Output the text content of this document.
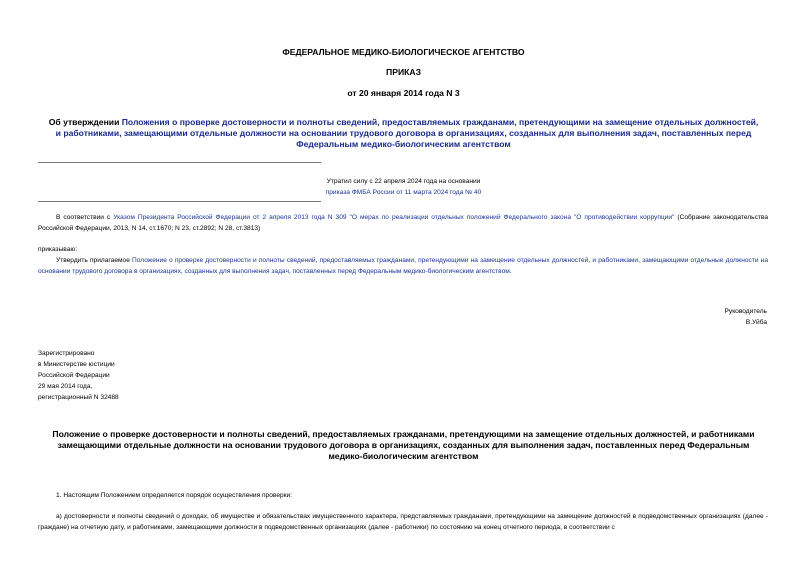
ФЕДЕРАЛЬНОЕ МЕДИКО-БИОЛОГИЧЕСКОЕ АГЕНТСТВО
ПРИКАЗ
от 20 января 2014 года N 3
Об утверждении Положения о проверке достоверности и полноты сведений, предоставляемых гражданами, претендующими на замещение отдельных должностей,
и работниками, замещающими отдельные должности на основании трудового договора в организациях, созданных для выполнения задач, поставленных перед
Федеральным медико-биологическим агентством
Утратил силу с 22 апреля 2024 года на основании
приказа ФМБА России от 11 марта 2024 года № 40
В соответствии с Указом Президента Российской Федерации от 2 апреля 2013 года N 309 "О мерах по реализации отдельных положений Федерального закона "О противодействии коррупции" (Собрание законодательства Российской Федерации, 2013, N 14, ст.1670; N 23, ст.2892; N 28, ст.3813)
приказываю:
Утвердить прилагаемое Положение о проверке достоверности и полноты сведений, предоставляемых гражданами, претендующими на замещение отдельных должностей, и работниками, замещающими отдельные должности на основании трудового договора в организациях, созданных для выполнения задач, поставленных перед Федеральным медико-биологическим агентством.
Руководитель
В.Уйба
Зарегистрировано
в Министерстве юстиции
Российской Федерации
29 мая 2014 года,
регистрационный N 32488
Положение о проверке достоверности и полноты сведений, предоставляемых гражданами, претендующими на замещение отдельных должностей, и работниками
замещающими отдельные должности на основании трудового договора в организациях, созданных для выполнения задач, поставленных перед Федеральным
медико-биологическим агентством
1. Настоящим Положением определяется порядок осуществления проверки:
а) достоверности и полноты сведений о доходах, об имуществе и обязательствах имущественного характера, представляемых гражданами, претендующими на замещение должностей в подведомственных организациях (далее - граждане) на отчетную дату, и работниками, замещающими должности в подведомственных организациях (далее - работники) по состоянию на конец отчетного периода, в соответствии с
